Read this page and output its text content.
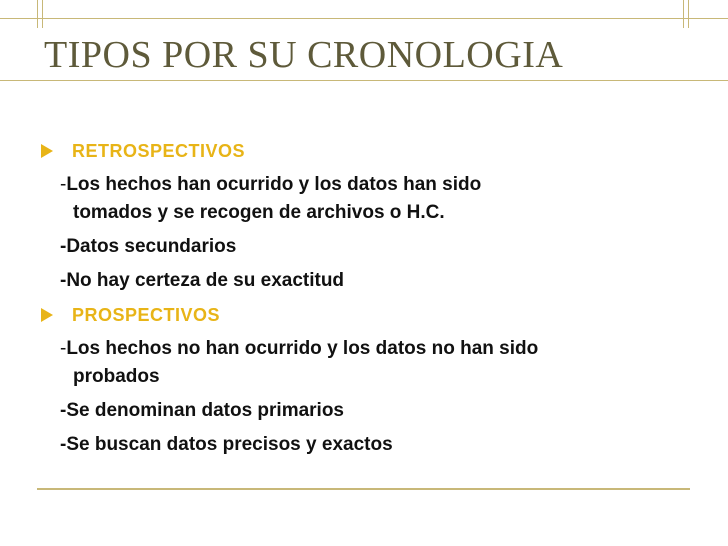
TIPOS POR SU CRONOLOGIA
RETROSPECTIVOS
-Los hechos han ocurrido y los datos han sido
tomados y se recogen de archivos o H.C.
-Datos secundarios
-No hay certeza de su exactitud
PROSPECTIVOS
-Los hechos no han ocurrido y los datos no han sido
probados
-Se denominan datos primarios
-Se buscan datos precisos y exactos
